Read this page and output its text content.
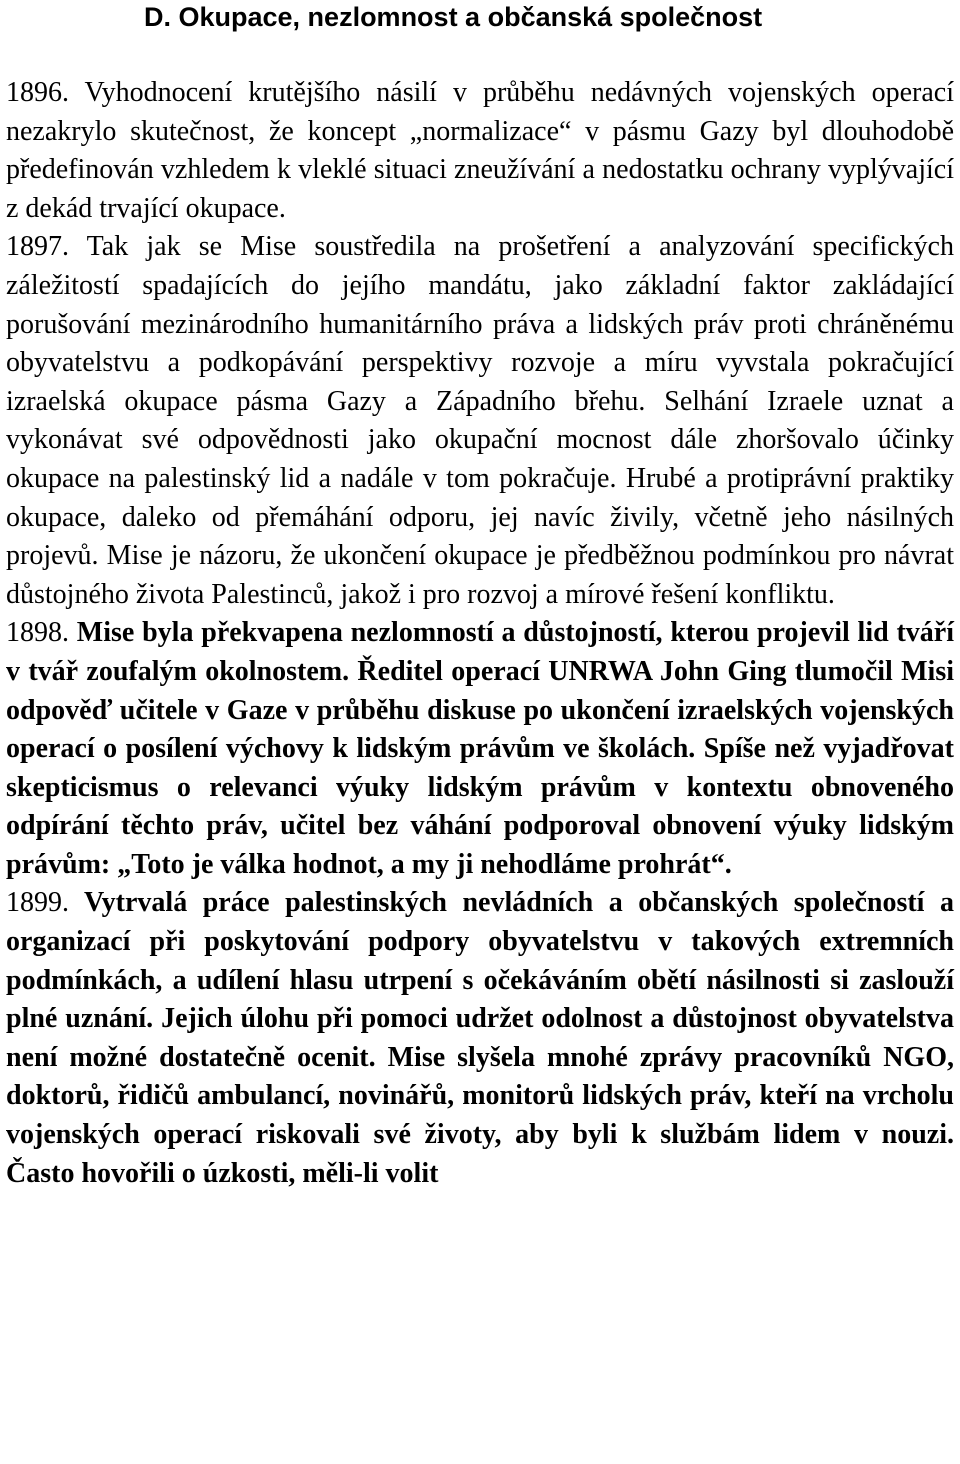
D. Okupace, nezlomnost a občanská společnost

1896. Vyhodnocení krutějšího násilí v průběhu nedávných vojenských operací nezakrylo skutečnost, že koncept „normalizace“ v pásmu Gazy byl dlouhodobě předefinován vzhledem k vleklé situaci zneužívání a nedostatku ochrany vyplývající z dekád trvající okupace.

1897. Tak jak se Mise soustředila na prošetření a analyzování specifických záležitostí spadajících do jejího mandátu, jako základní faktor zakládající porušování mezinárodního humanitárního práva a lidských práv proti chráněnému obyvatelstvu a podkopávání perspektivy rozvoje a míru vyvstala pokračující izraelská okupace pásma Gazy a Západního břehu. Selhání Izraele uznat a vykonávat své odpovědnosti jako okupační mocnost dále zhoršovalo účinky okupace na palestinský lid a nadále v tom pokračuje. Hrubé a protiprávní praktiky okupace, daleko od přemáhání odporu, jej navíc živily, včetně jeho násilných projevů. Mise je názoru, že ukončení okupace je předběžnou podmínkou pro návrat důstojného života Palestinců, jakož i pro rozvoj a mírové řešení konfliktu.

1898. Mise byla překvapena nezlomností a důstojností, kterou projevil lid tváří v tvář zoufalým okolnostem. Ředitel operací UNRWA John Ging tlumočil Misi odpověď učitele v Gaze v průběhu diskuse po ukončení izraelských vojenských operací o posílení výchovy k lidským právům ve školách. Spíše než vyjadřovat skepticismus o relevanci výuky lidským právům v kontextu obnoveného odpírání těchto práv, učitel bez váhání podporoval obnovení výuky lidským právům: „Toto je válka hodnot, a my ji nehodláme prohrát“.

1899. Vytrvalá práce palestinských nevládních a občanských společností a organizací při poskytování podpory obyvatelstvu v takových extremních podmínkách, a udílení hlasu utrpení s očekáváním obětí násilnosti si zaslouží plné uznání. Jejich úlohu při pomoci udržet odolnost a důstojnost obyvatelstva není možné dostatečně ocenit. Mise slyšela mnohé zprávy pracovníků NGO, doktorů, řidičů ambulancí, novinářů, monitorů lidských práv, kteří na vrcholu vojenských operací riskovali své životy, aby byli k službám lidem v nouzi. Často hovořili o úzkosti, měli-li volit
